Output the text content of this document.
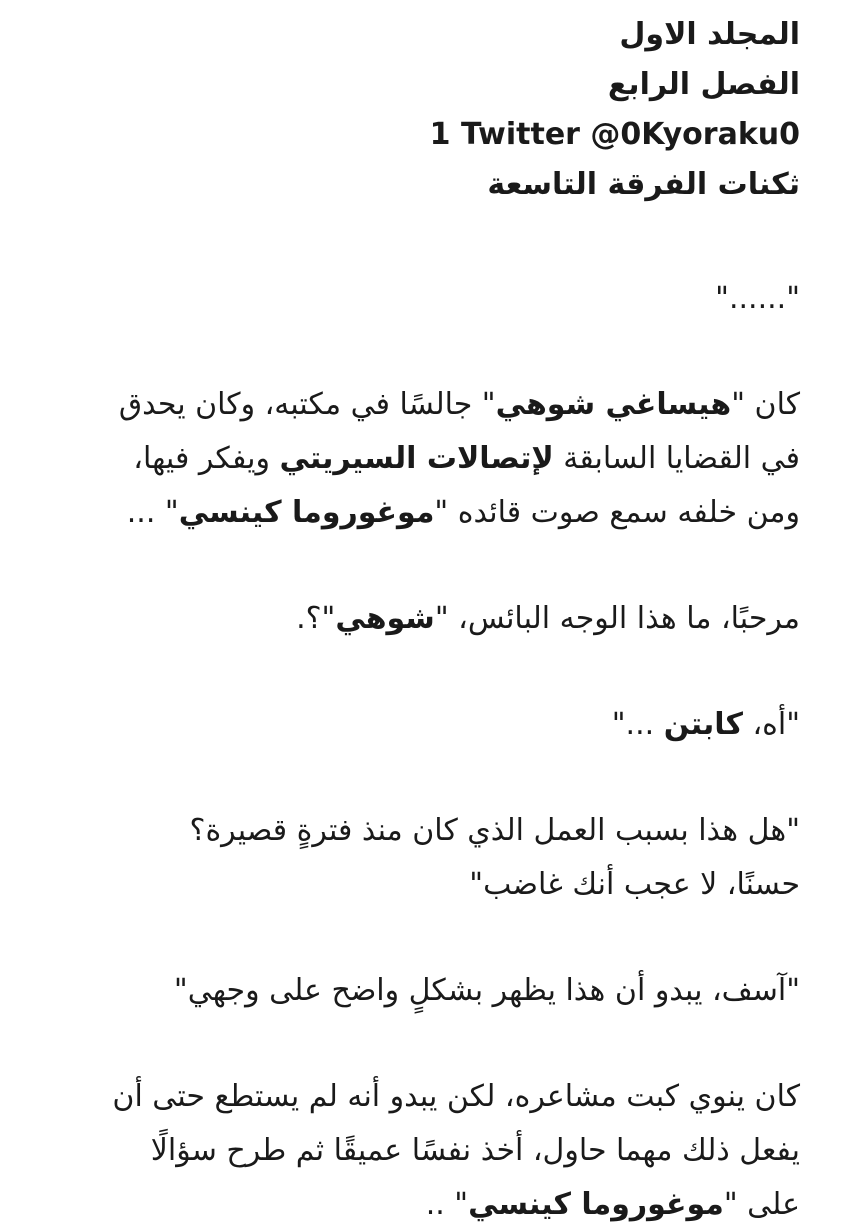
المجلد الاول

الفصل الرابع

1 Twitter @0Kyoraku0

ثكنات الفرقة التاسعة

"......"

كان "هيساغي شوهي" جالسًا في مكتبه، وكان يحدق

في القضايا السابقة لإتصالات السيريتي ويفكر فيها،

ومن خلفه سمع صوت قائده "موغوروما كينسي" ...

مرحبًا، ما هذا الوجه البائس، "شوهي"؟.

"أه، كابتن ..."

"هل هذا بسبب العمل الذي كان منذ فترةٍ قصيرة؟

حسنًا، لا عجب أنك غاضب"

"آسف، يبدو أن هذا يظهر بشكلٍ واضح على وجهي"

كان ينوي كبت مشاعره، لكن يبدو أنه لم يستطع حتى أن

يفعل ذلك مهما حاول، أخذ نفسًا عميقًا ثم طرح سؤالًا

على "موغوروما كينسي" ..
